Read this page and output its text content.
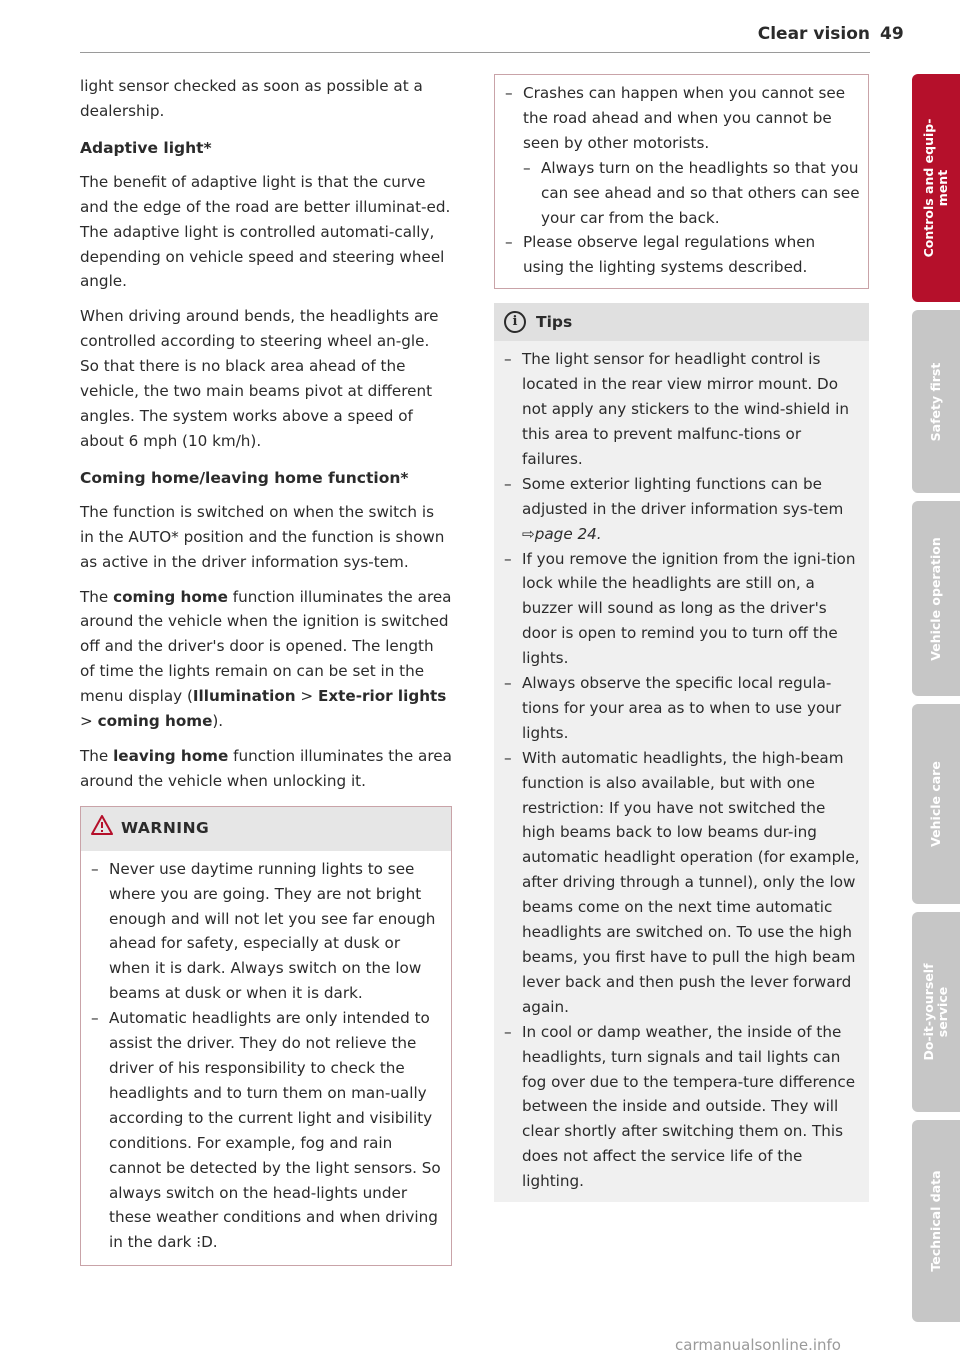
Clear vision 49

light sensor checked as soon as possible at a dealership.

Adaptive light*

The benefit of adaptive light is that the curve and the edge of the road are better illuminat-ed. The adaptive light is controlled automati-cally, depending on vehicle speed and steering wheel angle.

When driving around bends, the headlights are controlled according to steering wheel an-gle. So that there is no black area ahead of the vehicle, the two main beams pivot at different angles. The system works above a speed of about 6 mph (10 km/h).

Coming home/leaving home function*

The function is switched on when the switch is in the AUTO* position and the function is shown as active in the driver information sys-tem.

The coming home function illuminates the area around the vehicle when the ignition is switched off and the driver's door is opened. The length of time the lights remain on can be set in the menu display (Illumination > Exte-rior lights > coming home).

The leaving home function illuminates the area around the vehicle when unlocking it.

WARNING
– Never use daytime running lights to see where you are going. They are not bright enough and will not let you see far enough ahead for safety, especially at dusk or when it is dark. Always switch on the low beams at dusk or when it is dark.
– Automatic headlights are only intended to assist the driver. They do not relieve the driver of his responsibility to check the headlights and to turn them on man-ually according to the current light and visibility conditions. For example, fog and rain cannot be detected by the light sensors. So always switch on the head-lights under these weather conditions and when driving in the dark ⁝D.
– Crashes can happen when you cannot see the road ahead and when you cannot be seen by other motorists.
– Always turn on the headlights so that you can see ahead and so that others can see your car from the back.
– Please observe legal regulations when using the lighting systems described.
i	Tips
– The light sensor for headlight control is located in the rear view mirror mount. Do not apply any stickers to the wind-shield in this area to prevent malfunc-tions or failures.
– Some exterior lighting functions can be adjusted in the driver information sys-tem ⇨page 24.
– If you remove the ignition from the igni-tion lock while the headlights are still on, a buzzer will sound as long as the driver's door is open to remind you to turn off the lights.
– Always observe the specific local regula-tions for your area as to when to use your lights.
– With automatic headlights, the high-beam function is also available, but with one restriction: If you have not switched the high beams back to low beams dur-ing automatic headlight operation (for example, after driving through a tunnel), only the low beams come on the next time automatic headlights are switched on. To use the high beams, you first have to pull the high beam lever back and then push the lever forward again.
– In cool or damp weather, the inside of the headlights, turn signals and tail lights can fog over due to the tempera-ture difference between the inside and outside. They will clear shortly after switching them on. This does not affect the service life of the lighting.
Controls and equip-
ment
Safety first
Vehicle operation
Vehicle care
Do-it-yourself
service
Technical data
carmanualsonline.info
